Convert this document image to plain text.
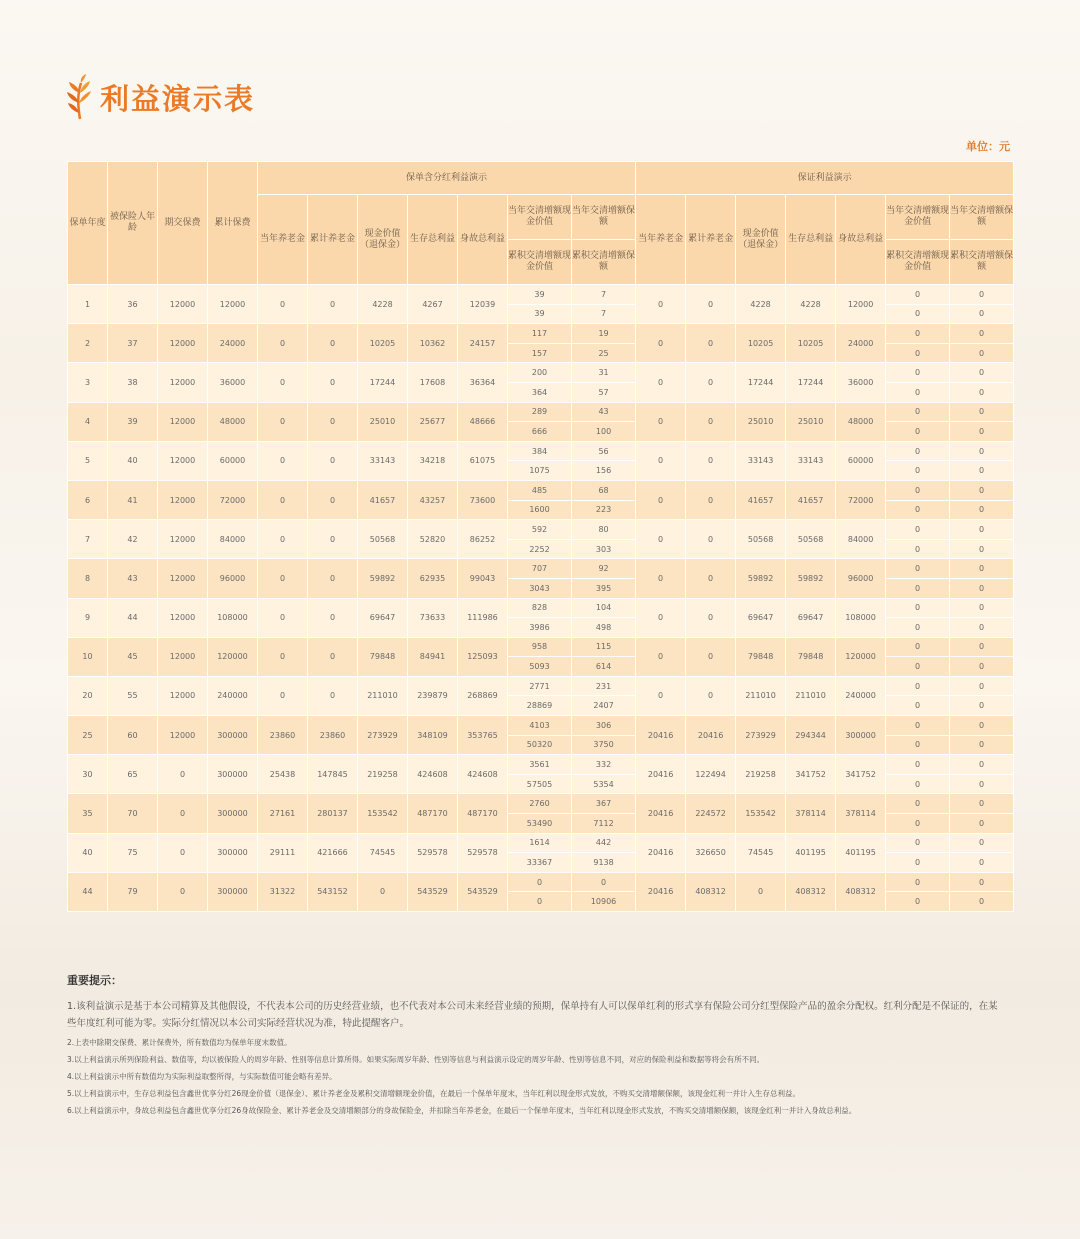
利益演示表
单位：元
保单年度	被保险人年龄	期交保费	累计保费	保单含分红利益演示							保证利益演示						
				当年养老金	累计养老金	现金价值（退保金）	生存总利益	身故总利益	当年交清增额现金价值	当年交清增额保额	当年养老金	累计养老金	现金价值（退保金）	生存总利益	身故总利益	当年交清增额现金价值	当年交清增额保额
									累积交清增额现金价值	累积交清增额保额						累积交清增额现金价值	累积交清增额保额
1	36	12000	12000	0	0	4228	4267	12039	39	7	0	0	4228	4228	12000	0	0
									39	7						0	0
2	37	12000	24000	0	0	10205	10362	24157	117	19	0	0	10205	10205	24000	0	0
									157	25						0	0
3	38	12000	36000	0	0	17244	17608	36364	200	31	0	0	17244	17244	36000	0	0
									364	57						0	0
4	39	12000	48000	0	0	25010	25677	48666	289	43	0	0	25010	25010	48000	0	0
									666	100						0	0
5	40	12000	60000	0	0	33143	34218	61075	384	56	0	0	33143	33143	60000	0	0
									1075	156						0	0
6	41	12000	72000	0	0	41657	43257	73600	485	68	0	0	41657	41657	72000	0	0
									1600	223						0	0
7	42	12000	84000	0	0	50568	52820	86252	592	80	0	0	50568	50568	84000	0	0
									2252	303						0	0
8	43	12000	96000	0	0	59892	62935	99043	707	92	0	0	59892	59892	96000	0	0
									3043	395						0	0
9	44	12000	108000	0	0	69647	73633	111986	828	104	0	0	69647	69647	108000	0	0
									3986	498						0	0
10	45	12000	120000	0	0	79848	84941	125093	958	115	0	0	79848	79848	120000	0	0
									5093	614						0	0
20	55	12000	240000	0	0	211010	239879	268869	2771	231	0	0	211010	211010	240000	0	0
									28869	2407						0	0
25	60	12000	300000	23860	23860	273929	348109	353765	4103	306	20416	20416	273929	294344	300000	0	0
									50320	3750						0	0
30	65	0	300000	25438	147845	219258	424608	424608	3561	332	20416	122494	219258	341752	341752	0	0
									57505	5354						0	0
35	70	0	300000	27161	280137	153542	487170	487170	2760	367	20416	224572	153542	378114	378114	0	0
									53490	7112						0	0
40	75	0	300000	29111	421666	74545	529578	529578	1614	442	20416	326650	74545	401195	401195	0	0
									33367	9138						0	0
44	79	0	300000	31322	543152	0	543529	543529	0	0	20416	408312	0	408312	408312	0	0
									0	10906						0	0
重要提示：

1.该利益演示是基于本公司精算及其他假设，不代表本公司的历史经营业绩，也不代表对本公司未来经营业绩的预期，保单持有人可以保单红利的形式享有保险公司分红型保险产品的盈余分配权。红利分配是不保证的，在某些年度红利可能为零。实际分红情况以本公司实际经营状况为准，特此提醒客户。

2.上表中除期交保费、累计保费外，所有数值均为保单年度末数值。

3.以上利益演示所列保险利益、数值等，均以被保险人的周岁年龄、性别等信息计算所得。如果实际周岁年龄、性别等信息与利益演示设定的周岁年龄、性别等信息不同，对应的保险利益和数据等将会有所不同。

4.以上利益演示中所有数值均为实际利益取整所得，与实际数值可能会略有差异。

5.以上利益演示中，生存总利益包含鑫世优享分红26现金价值（退保金）、累计养老金及累积交清增额现金价值，在最后一个保单年度末，当年红利以现金形式发放，不购买交清增额保额，该现金红利一并计入生存总利益。

6.以上利益演示中，身故总利益包含鑫世优享分红26身故保险金、累计养老金及交清增额部分的身故保险金，并扣除当年养老金，在最后一个保单年度末，当年红利以现金形式发放，不购买交清增额保额，该现金红利一并计入身故总利益。
